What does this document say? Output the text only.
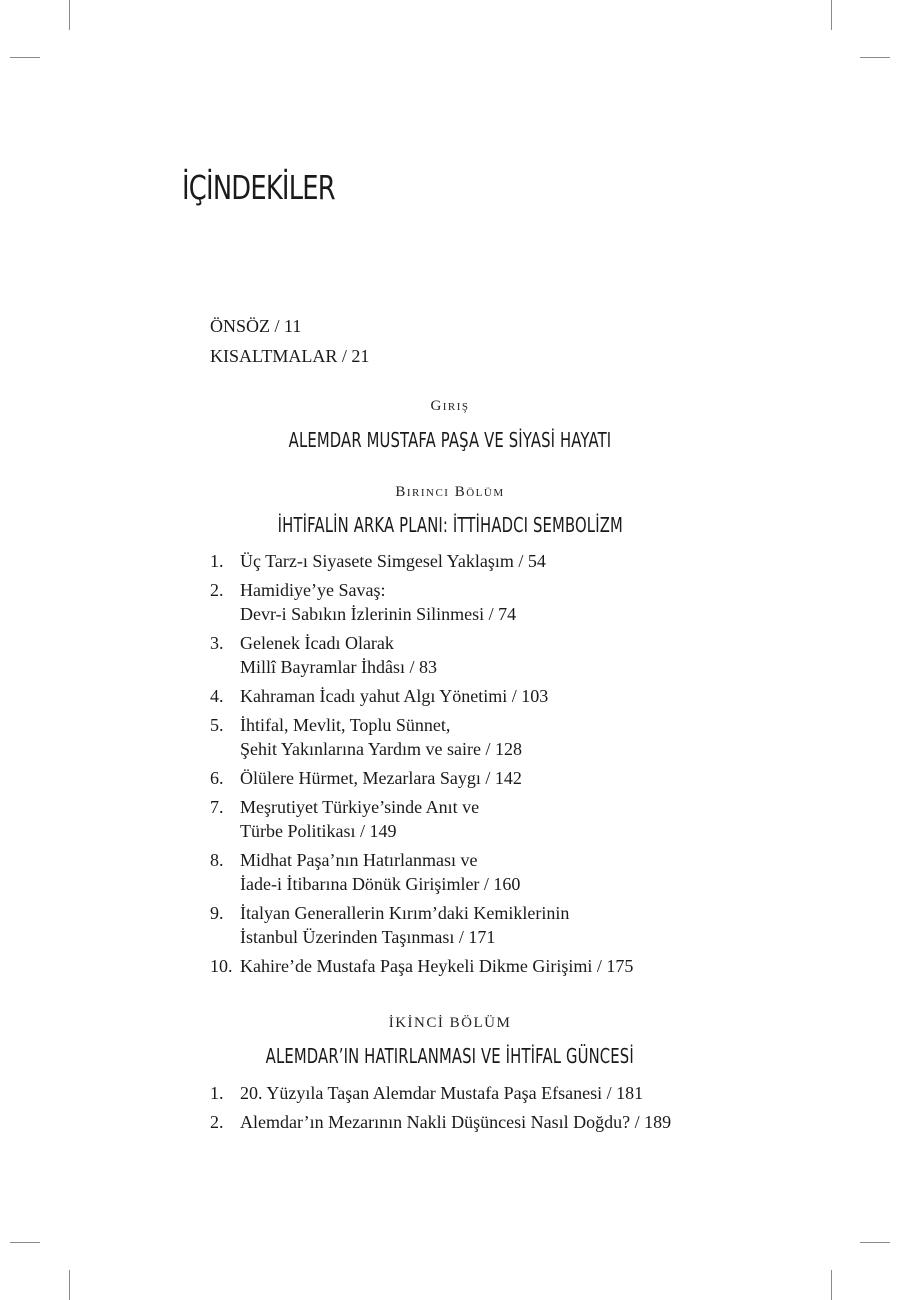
İÇİNDEKİLER
ÖNSÖZ / 11
KISALTMALAR / 21
Giriş
ALEMDAR MUSTAFA PAŞA VE SİYASİ HAYATI
Birinci Bölüm
İHTİFALİN ARKA PLANI: İTTİHADCI SEMBOLİZM
1. Üç Tarz-ı Siyasete Simgesel Yaklaşım / 54
2. Hamidiye’ye Savaş:
Devr-i Sabıkın İzlerinin Silinmesi / 74
3. Gelenek İcadı Olarak
Millî Bayramlar İhdâsı / 83
4. Kahraman İcadı yahut Algı Yönetimi / 103
5. İhtifal, Mevlit, Toplu Sünnet,
Şehit Yakınlarına Yardım ve saire / 128
6. Ölülere Hürmet, Mezarlara Saygı / 142
7. Meşrutiyet Türkiye’sinde Anıt ve
Türbe Politikası / 149
8. Midhat Paşa’nın Hatırlanması ve
İade-i İtibarına Dönük Girişimler / 160
9. İtalyan Generallerin Kırım’daki Kemiklerinin
İstanbul Üzerinden Taşınması / 171
10. Kahire’de Mustafa Paşa Heykeli Dikme Girişimi / 175
İKİNCİ BÖLÜM
ALEMDAR’IN HATIRLANMASI VE İHTİFAL GÜNCESİ
1. 20. Yüzyıla Taşan Alemdar Mustafa Paşa Efsanesi / 181
2. Alemdar’ın Mezarının Nakli Düşüncesi Nasıl Doğdu? / 189
